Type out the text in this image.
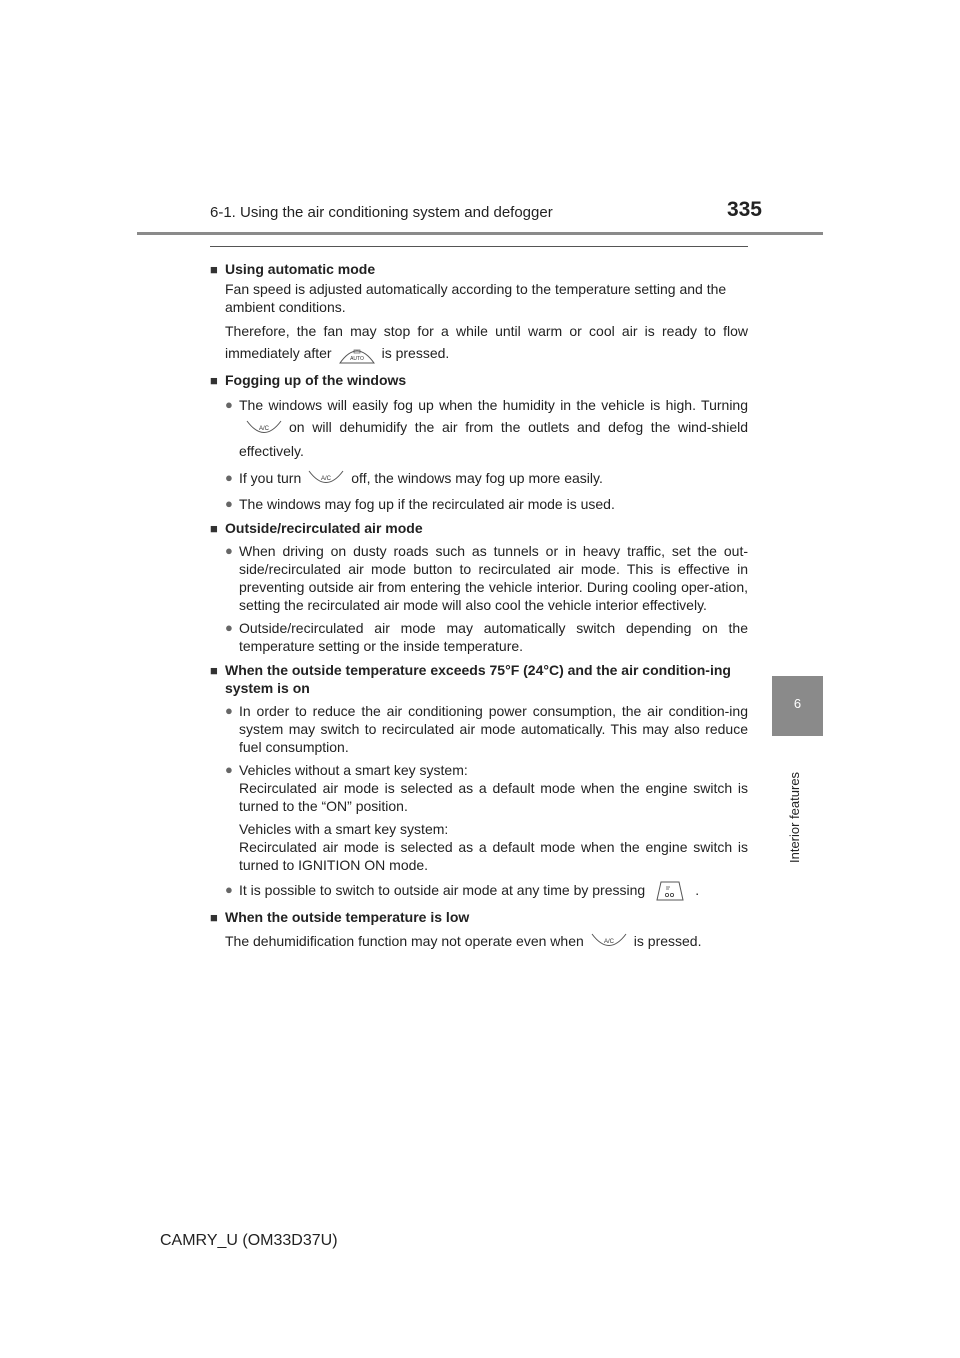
6-1. Using the air conditioning system and defogger	335
6
Interior features
■ Using automatic mode
Fan speed is adjusted automatically according to the temperature setting and the ambient conditions.
Therefore, the fan may stop for a while until warm or cool air is ready to flow immediately after	AUTO is pressed.
■ Fogging up of the windows
● The windows will easily fog up when the humidity in the vehicle is high. Turning
A/C on will dehumidify the air from the outlets and defog the wind-shield effectively.
● If you turn	A/C off, the windows may fog up more easily.
● The windows may fog up if the recirculated air mode is used.
■ Outside/recirculated air mode
● When driving on dusty roads such as tunnels or in heavy traffic, set the out-side/recirculated air mode button to recirculated air mode. This is effective in preventing outside air from entering the vehicle interior. During cooling oper-ation, setting the recirculated air mode will also cool the vehicle interior effectively.
● Outside/recirculated air mode may automatically switch depending on the temperature setting or the inside temperature.
■ When the outside temperature exceeds 75°F (24°C) and the air condition-ing system is on
● In order to reduce the air conditioning power consumption, the air condition-ing system may switch to recirculated air mode automatically. This may also reduce fuel consumption.
● Vehicles without a smart key system:
Recirculated air mode is selected as a default mode when the engine switch is turned to the “ON” position.
Vehicles with a smart key system:
Recirculated air mode is selected as a default mode when the engine switch is turned to IGNITION ON mode.
● It is possible to switch to outside air mode at any time by pressing	.
■ When the outside temperature is low
The dehumidification function may not operate even when	A/C is pressed.
CAMRY_U (OM33D37U)
